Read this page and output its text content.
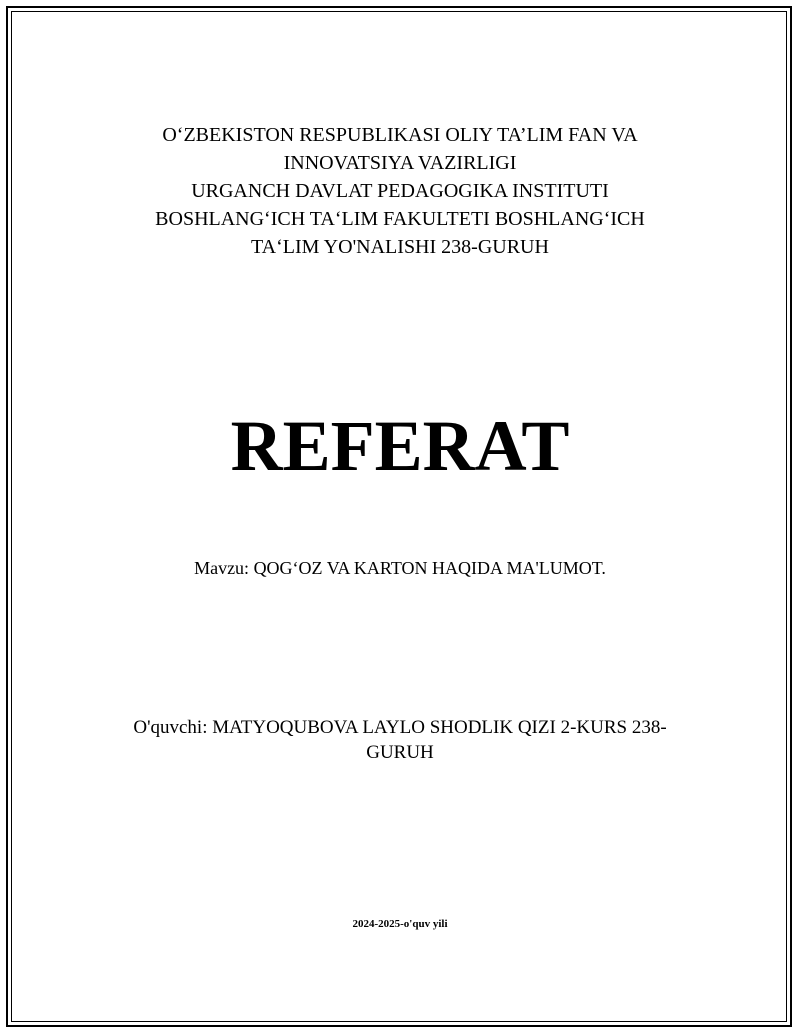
O‘ZBEKISTON RESPUBLIKASI OLIY TA’LIM FAN VA
INNOVATSIYA VAZIRLIGI
URGANCH DAVLAT PEDAGOGIKA INSTITUTI
BOSHLANG‘ICH TA‘LIM FAKULTETI BOSHLANG‘ICH
TA‘LIM YO'NALISHI 238-GURUH
REFERAT
Mavzu: QOG‘OZ VA KARTON HAQIDA MA'LUMOT.
O'quvchi: MATYOQUBOVA LAYLO SHODLIK QIZI 2-KURS 238-
GURUH
2024-2025-o'quv yili
